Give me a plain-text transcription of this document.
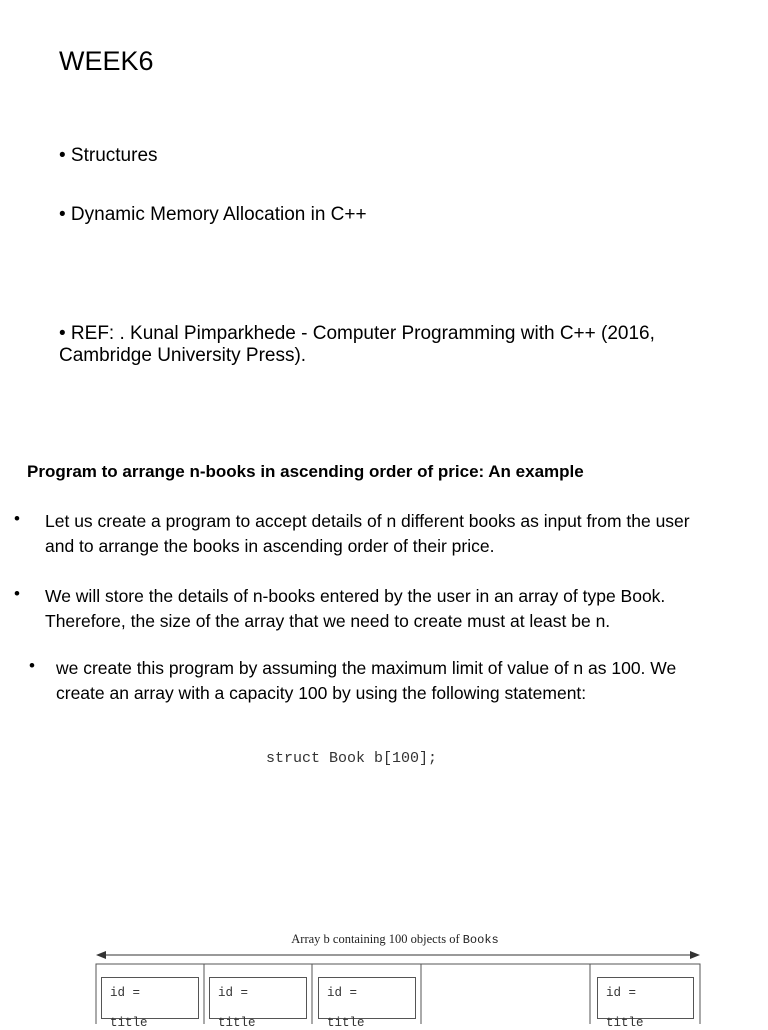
WEEK6
• Structures
• Dynamic Memory Allocation in C++
• REF: . Kunal Pimparkhede - Computer Programming with C++ (2016,
Cambridge University Press).
Program to arrange n-books in ascending order of price: An example
• Let us create a program to accept details of n different books as input from the user
and to arrange the books in ascending order of their price.
• We will store the details of n-books entered by the user in an array of type Book.
Therefore, the size of the array that we need to create must at least be n.
• we create this program by assuming the maximum limit of value of n as 100. We
create an array with a capacity 100 by using the following statement:
struct Book b[100];
Array b containing 100 objects of Books
id =
title
id =
title
id =
title
id =
title
